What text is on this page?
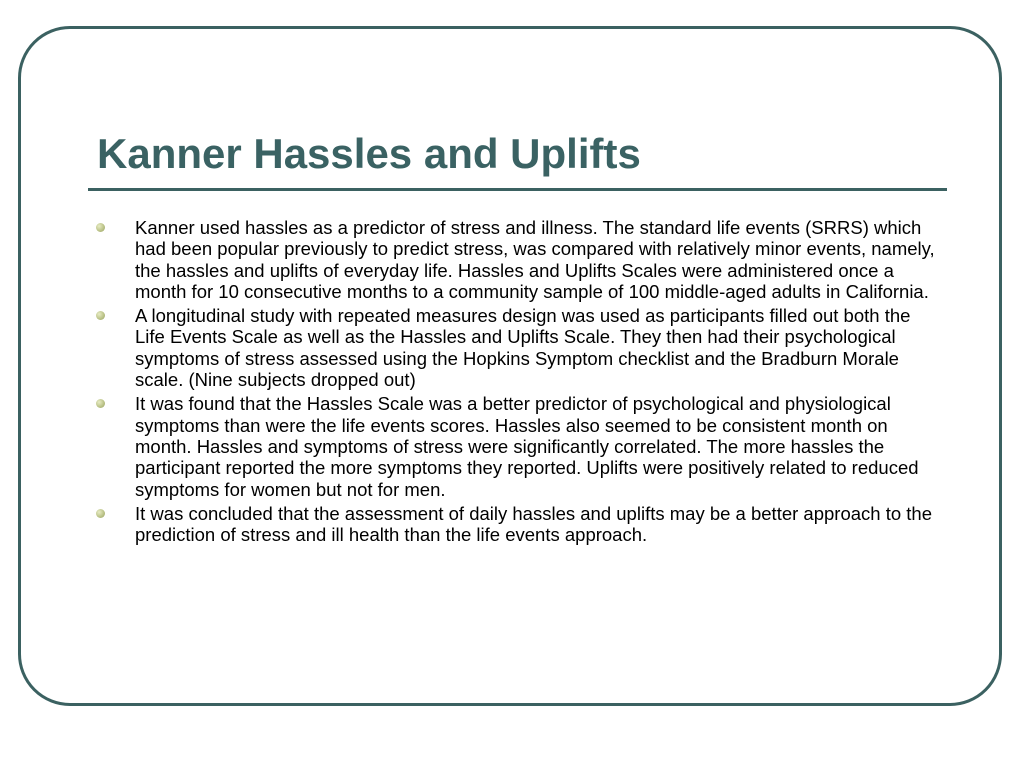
Kanner Hassles and Uplifts
Kanner used hassles as a predictor of stress and illness. The standard life events (SRRS) which had been popular previously to predict stress, was compared with relatively minor events, namely, the hassles and uplifts of everyday life. Hassles and Uplifts Scales were administered once a month for 10 consecutive months to a community sample of 100 middle-aged adults in California.
A longitudinal study with repeated measures design was used as participants filled out both the Life Events Scale as well as the Hassles and Uplifts Scale. They then had their psychological symptoms of stress assessed using the Hopkins Symptom checklist and the Bradburn Morale scale. (Nine subjects dropped out)
It was found that the Hassles Scale was a better predictor of psychological and physiological symptoms than were the life events scores. Hassles also seemed to be consistent month on month. Hassles and symptoms of stress were significantly correlated. The more hassles the participant reported the more symptoms they reported. Uplifts were positively related to reduced symptoms for women but not for men.
It was concluded that the assessment of daily hassles and uplifts may be a better approach to the prediction of stress and ill health than the life events approach.
